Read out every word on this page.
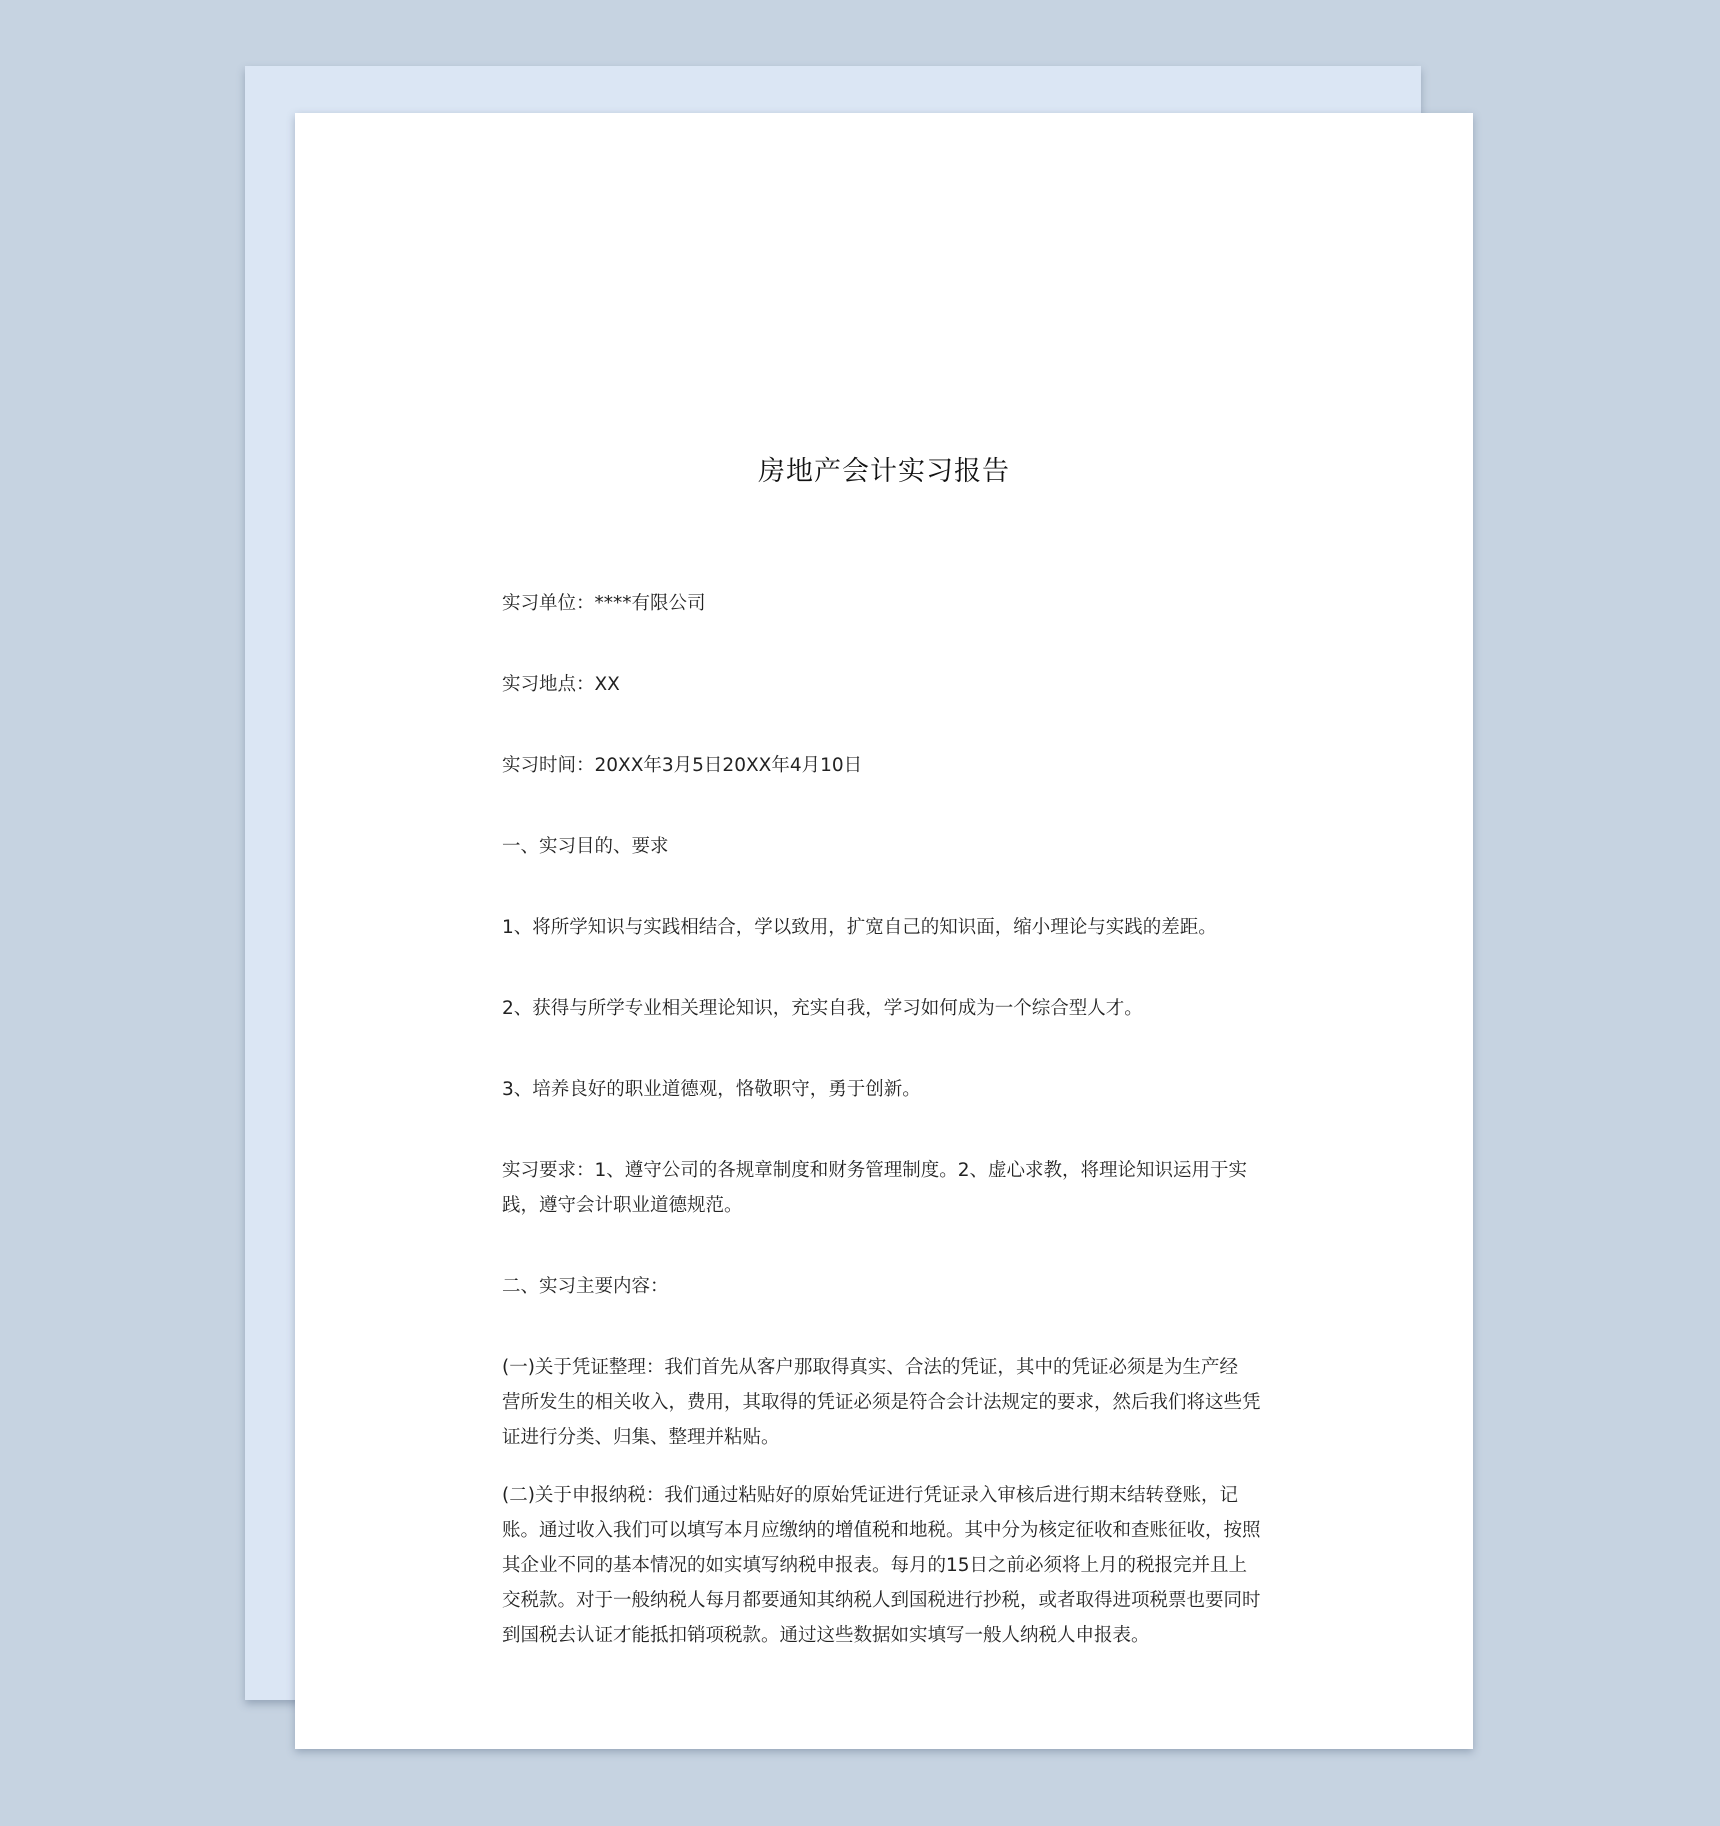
房地产会计实习报告
实习单位：****有限公司
实习地点：XX
实习时间：20XX年3月5日20XX年4月10日
一、实习目的、要求
1、将所学知识与实践相结合，学以致用，扩宽自己的知识面，缩小理论与实践的差距。
2、获得与所学专业相关理论知识，充实自我，学习如何成为一个综合型人才。
3、培养良好的职业道德观，恪敬职守，勇于创新。
实习要求：1、遵守公司的各规章制度和财务管理制度。2、虚心求教，将理论知识运用于实
践，遵守会计职业道德规范。
二、实习主要内容：
(一)关于凭证整理：我们首先从客户那取得真实、合法的凭证，其中的凭证必须是为生产经
营所发生的相关收入，费用，其取得的凭证必须是符合会计法规定的要求，然后我们将这些凭
证进行分类、归集、整理并粘贴。
(二)关于申报纳税：我们通过粘贴好的原始凭证进行凭证录入审核后进行期末结转登账，记
账。通过收入我们可以填写本月应缴纳的增值税和地税。其中分为核定征收和查账征收，按照
其企业不同的基本情况的如实填写纳税申报表。每月的15日之前必须将上月的税报完并且上
交税款。对于一般纳税人每月都要通知其纳税人到国税进行抄税，或者取得进项税票也要同时
到国税去认证才能抵扣销项税款。通过这些数据如实填写一般人纳税人申报表。
